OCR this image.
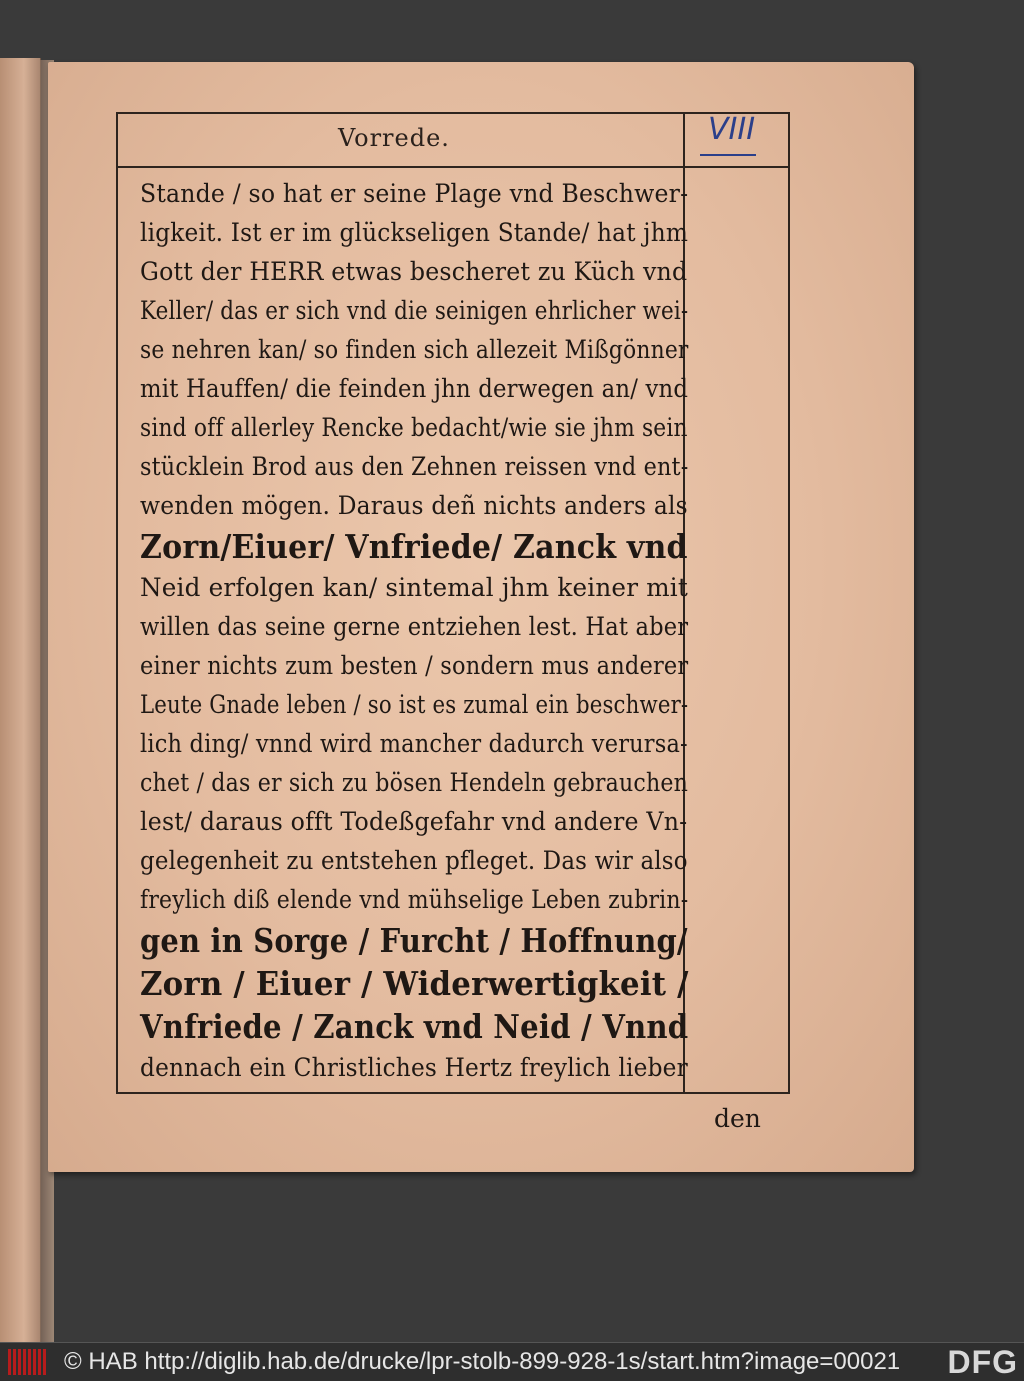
Vorrede.
den
VIII
Stande / so hat er seine Plage vnd Beschwer-
ligkeit. Ist er im glückseligen Stande/ hat jhm
Gott der HERR etwas bescheret zu Küch vnd
Keller/ das er sich vnd die seinigen ehrlicher wei-
se nehren kan/ so finden sich allezeit Mißgönner
mit Hauffen/ die feinden jhn derwegen an/ vnd
sind off allerley Rencke bedacht/wie sie jhm sein
stücklein Brod aus den Zehnen reissen vnd ent-
wenden mögen. Daraus deñ nichts anders als
Zorn/Eiuer/ Vnfriede/ Zanck vnd
Neid erfolgen kan/ sintemal jhm keiner mit
willen das seine gerne entziehen lest. Hat aber
einer nichts zum besten / sondern mus anderer
Leute Gnade leben / so ist es zumal ein beschwer-
lich ding/ vnnd wird mancher dadurch verursa-
chet / das er sich zu bösen Hendeln gebrauchen
lest/ daraus offt Todeßgefahr vnd andere Vn-
gelegenheit zu entstehen pfleget. Das wir also
freylich diß elende vnd mühselige Leben zubrin-
gen in Sorge / Furcht / Hoffnung/
Zorn / Eiuer / Widerwertigkeit /
Vnfriede / Zanck vnd Neid / Vnnd
dennach ein Christliches Hertz freylich lieber
© HAB http://diglib.hab.de/drucke/lpr-stolb-899-928-1s/start.htm?image=00021	DFG
